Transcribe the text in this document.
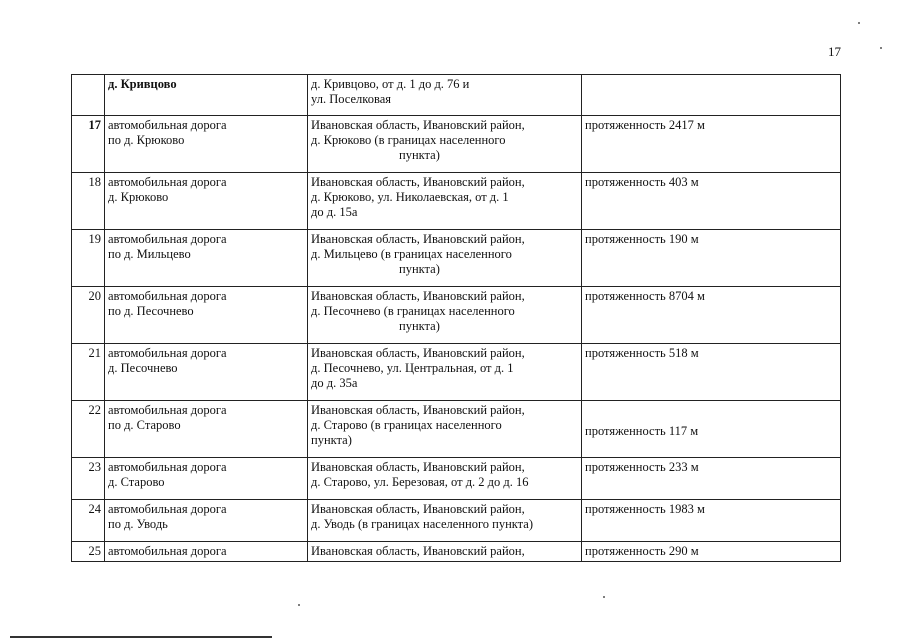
17

	д. Кривцово	д. Кривцово, от д. 1 до д. 76 и
ул. Поселковая	

17	автомобильная дорога
по д. Крюково	Ивановская область, Ивановский район,
д. Крюково (в границах населенного
пункта)	протяженность 2417 м
18	автомобильная дорога
д. Крюково	Ивановская область, Ивановский район,
д. Крюково, ул. Николаевская, от д. 1
до д. 15а	протяженность 403 м
19	автомобильная дорога
по д. Мильцево	Ивановская область, Ивановский район,
д. Мильцево (в границах населенного
пункта)	протяженность 190 м
20	автомобильная дорога
по д. Песочнево	Ивановская область, Ивановский район,
д. Песочнево (в границах населенного
пункта)	протяженность 8704 м
21	автомобильная дорога
д. Песочнево	Ивановская область, Ивановский район,
д. Песочнево, ул. Центральная, от д. 1
до д. 35а	протяженность 518 м
22	автомобильная дорога
по д. Старово	Ивановская область, Ивановский район,
д. Старово (в границах населенного
пункта)	протяженность 117 м
23	автомобильная дорога
д. Старово	Ивановская область, Ивановский район,
д. Старово, ул. Березовая, от д. 2 до д. 16	протяженность 233 м
24	автомобильная дорога
по д. Уводь	Ивановская область, Ивановский район,
д. Уводь (в границах населенного пункта)	протяженность 1983 м
25	автомобильная дорога	Ивановская область, Ивановский район,	протяженность 290 м
